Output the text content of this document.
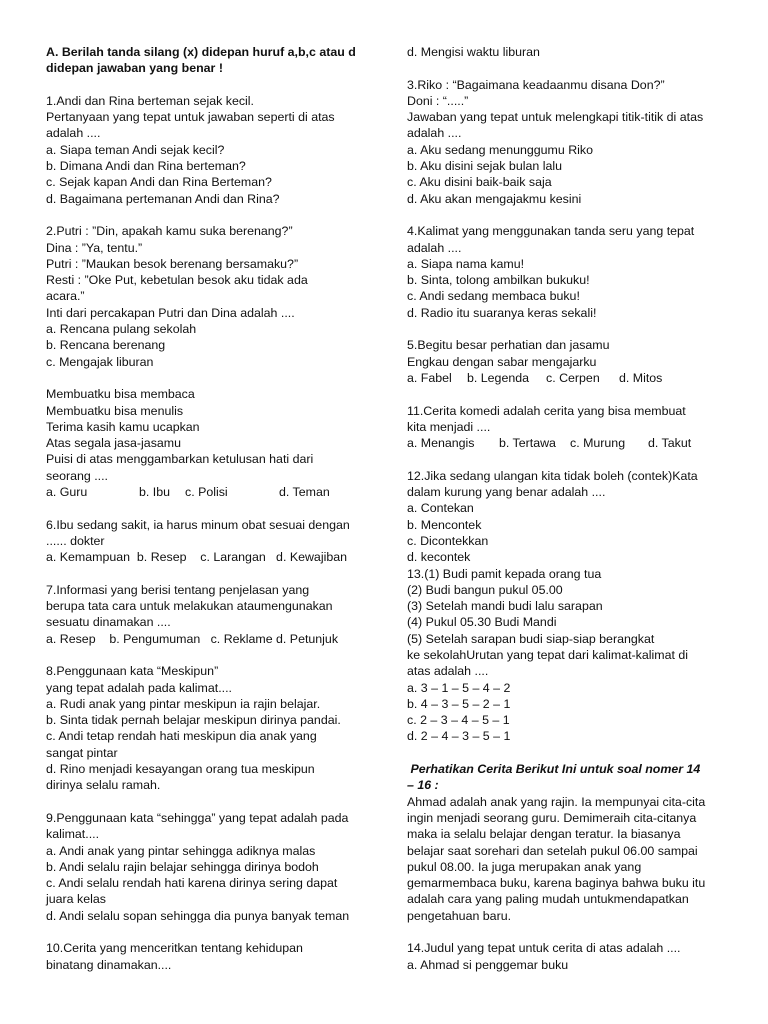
A. Berilah tanda silang (x) didepan huruf a,b,c atau d
didepan jawaban yang benar !
1.Andi dan Rina berteman sejak kecil.
Pertanyaan yang tepat untuk jawaban seperti di atas
adalah ....
a. Siapa teman Andi sejak kecil?
b. Dimana Andi dan Rina berteman?
c. Sejak kapan Andi dan Rina Berteman?
d. Bagaimana pertemanan Andi dan Rina?
2.Putri : ”Din, apakah kamu suka berenang?”
Dina : ”Ya, tentu.”
Putri : ”Maukan besok berenang bersamaku?”
Resti : ”Oke Put, kebetulan besok aku tidak ada
acara.”
Inti dari percakapan Putri dan Dina adalah ....
a. Rencana pulang sekolah
b. Rencana berenang
c. Mengajak liburan
Membuatku bisa membaca
Membuatku bisa menulis
Terima kasih kamu ucapkan
Atas segala jasa-jasamu
Puisi di atas menggambarkan ketulusan hati dari
seorang ....
a. Guru	b. Ibu c. Polisi	d. Teman
6.Ibu sedang sakit, ia harus minum obat sesuai dengan
...... dokter
a. Kemampuan  b. Resep    c. Larangan   d. Kewajiban
7.Informasi yang berisi tentang penjelasan yang
berupa tata cara untuk melakukan ataumengunakan
sesuatu dinamakan ....
a. Resep    b. Pengumuman   c. Reklame d. Petunjuk
8.Penggunaan kata “Meskipun”
yang tepat adalah pada kalimat....
a. Rudi anak yang pintar meskipun ia rajin belajar.
b. Sinta tidak pernah belajar meskipun dirinya pandai.
c. Andi tetap rendah hati meskipun dia anak yang
sangat pintar
d. Rino menjadi kesayangan orang tua meskipun
dirinya selalu ramah.
9.Penggunaan kata “sehingga” yang tepat adalah pada
kalimat....
a. Andi anak yang pintar sehingga adiknya malas
b. Andi selalu rajin belajar sehingga dirinya bodoh
c. Andi selalu rendah hati karena dirinya sering dapat
juara kelas
d. Andi selalu sopan sehingga dia punya banyak teman
10.Cerita yang menceritkan tentang kehidupan
binatang dinamakan....
d. Mengisi waktu liburan
3.Riko : “Bagaimana keadaanmu disana Don?”
Doni : “.....”
Jawaban yang tepat untuk melengkapi titik-titik di atas
adalah ....
a. Aku sedang menunggumu Riko
b. Aku disini sejak bulan lalu
c. Aku disini baik-baik saja
d. Aku akan mengajakmu kesini
4.Kalimat yang menggunakan tanda seru yang tepat
adalah ....
a. Siapa nama kamu!
b. Sinta, tolong ambilkan bukuku!
c. Andi sedang membaca buku!
d. Radio itu suaranya keras sekali!
5.Begitu besar perhatian dan jasamu
Engkau dengan sabar mengajarku
a. Fabel b. Legenda c. Cerpen d. Mitos
11.Cerita komedi adalah cerita yang bisa membuat
kita menjadi ....
a. Menangis b. Tertawa c. Murung d. Takut
12.Jika sedang ulangan kita tidak boleh (contek)Kata
dalam kurung yang benar adalah ....
a. Contekan
b. Mencontek
c. Dicontekkan
d. kecontek
13.(1) Budi pamit kepada orang tua
(2) Budi bangun pukul 05.00
(3) Setelah mandi budi lalu sarapan
(4) Pukul 05.30 Budi Mandi
(5) Setelah sarapan budi siap-siap berangkat
ke sekolahUrutan yang tepat dari kalimat-kalimat di
atas adalah ....
a. 3 – 1 – 5 – 4 – 2
b. 4 – 3 – 5 – 2 – 1
c. 2 – 3 – 4 – 5 – 1
d. 2 – 4 – 3 – 5 – 1
Perhatikan Cerita Berikut Ini untuk soal nomer 14
– 16 :
Ahmad adalah anak yang rajin. Ia mempunyai cita-cita
ingin menjadi seorang guru. Demimeraih cita-citanya
maka ia selalu belajar dengan teratur. Ia biasanya
belajar saat sorehari dan setelah pukul 06.00 sampai
pukul 08.00. Ia juga merupakan anak yang
gemarmembaca buku, karena baginya bahwa buku itu
adalah cara yang paling mudah untukmendapatkan
pengetahuan baru.
14.Judul yang tepat untuk cerita di atas adalah ....
a. Ahmad si penggemar buku
